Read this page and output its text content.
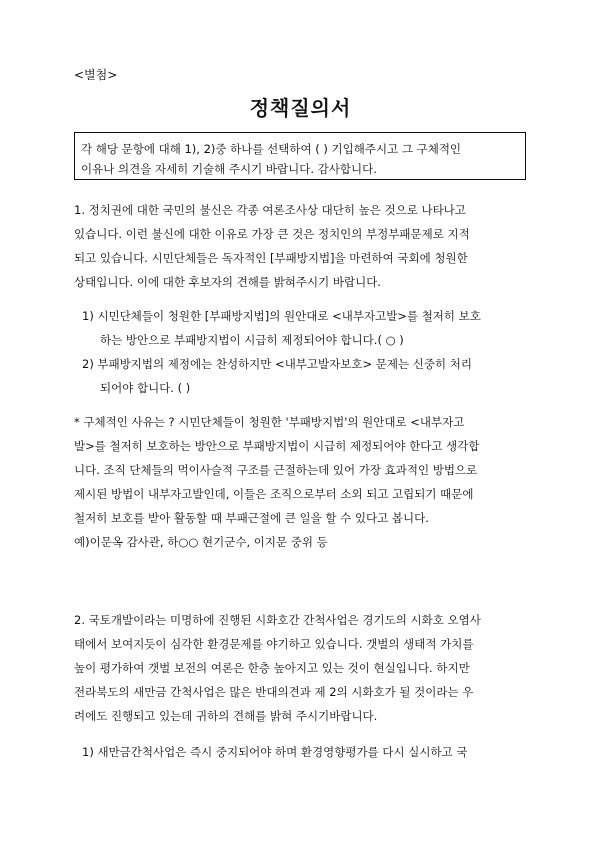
<별첨>
정책질의서
각 해당 문항에 대해 1), 2)중 하나를 선택하여 ( ) 기입해주시고 그 구체적인
이유나 의견을 자세히 기술해 주시기 바랍니다. 감사합니다.
1. 정치권에 대한 국민의 불신은 각종 여론조사상 대단히 높은 것으로 나타나고
있습니다. 이런 불신에 대한 이유로 가장 큰 것은 정치인의 부정부패문제로 지적
되고 있습니다. 시민단체들은 독자적인 [부패방지법]을 마련하여 국회에 청원한
상태입니다. 이에 대한 후보자의 견해를 밝혀주시기 바랍니다.
1) 시민단체들이 청원한 [부패방지법]의 원안대로 <내부자고발>를 철저히 보호
하는 방안으로 부패방지법이 시급히 제정되어야 합니다.( ○ )
2) 부패방지법의 제정에는 찬성하지만 <내부고발자보호> 문제는 신중히 처리
되어야 합니다. ( )
* 구체적인 사유는 ? 시민단체들이 청원한 '부패방지법'의 원안대로 <내부자고
발>를 철저히 보호하는 방안으로 부패방지법이 시급히 제정되어야 한다고 생각합
니다. 조직 단체들의 먹이사슬적 구조를 근절하는데 있어 가장 효과적인 방법으로
제시된 방법이 내부자고발인데, 이들은 조직으로부터 소외 되고 고립되기 때문에
철저히 보호를 받아 활동할 때 부패근절에 큰 일을 할 수 있다고 봅니다.
예)이문옥 감사관, 하○○ 현기군수, 이지문 중위 등
2. 국토개발이라는 미명하에 진행된 시화호간 간척사업은 경기도의 시화호 오염사
태에서 보여지듯이 심각한 환경문제를 야기하고 있습니다. 갯벌의 생태적 가치를
높이 평가하여 갯벌 보전의 여론은 한층 높아지고 있는 것이 현실입니다. 하지만
전라북도의 새만금 간척사업은 많은 반대의견과 제 2의 시화호가 될 것이라는 우
려에도 진행되고 있는데 귀하의 견해를 밝혀 주시기바랍니다.
1) 새만금간척사업은 즉시 중지되어야 하며 환경영향평가를 다시 실시하고 국
